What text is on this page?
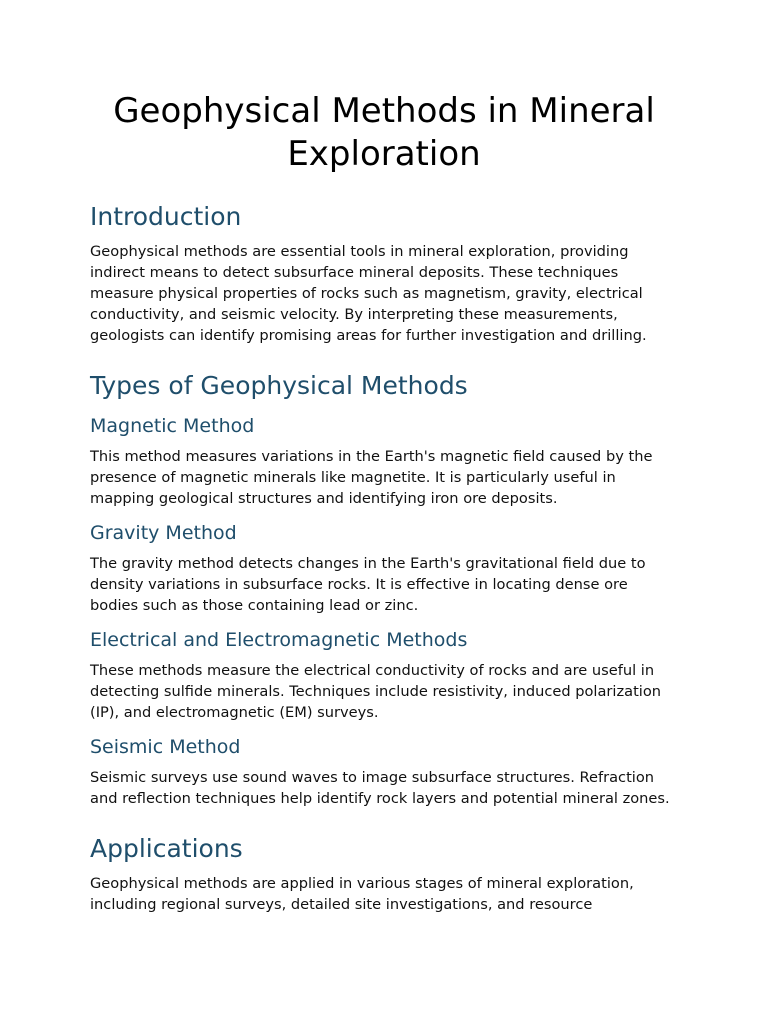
Geophysical Methods in Mineral Exploration
Introduction

Geophysical methods are essential tools in mineral exploration, providing indirect means to detect subsurface mineral deposits. These techniques measure physical properties of rocks such as magnetism, gravity, electrical conductivity, and seismic velocity. By interpreting these measurements, geologists can identify promising areas for further investigation and drilling.

Types of Geophysical Methods
Magnetic Method

This method measures variations in the Earth's magnetic field caused by the presence of magnetic minerals like magnetite. It is particularly useful in mapping geological structures and identifying iron ore deposits.

Gravity Method

The gravity method detects changes in the Earth's gravitational field due to density variations in subsurface rocks. It is effective in locating dense ore bodies such as those containing lead or zinc.

Electrical and Electromagnetic Methods

These methods measure the electrical conductivity of rocks and are useful in detecting sulfide minerals. Techniques include resistivity, induced polarization (IP), and electromagnetic (EM) surveys.

Seismic Method

Seismic surveys use sound waves to image subsurface structures. Refraction and reflection techniques help identify rock layers and potential mineral zones.

Applications

Geophysical methods are applied in various stages of mineral exploration, including regional surveys, detailed site investigations, and resource
